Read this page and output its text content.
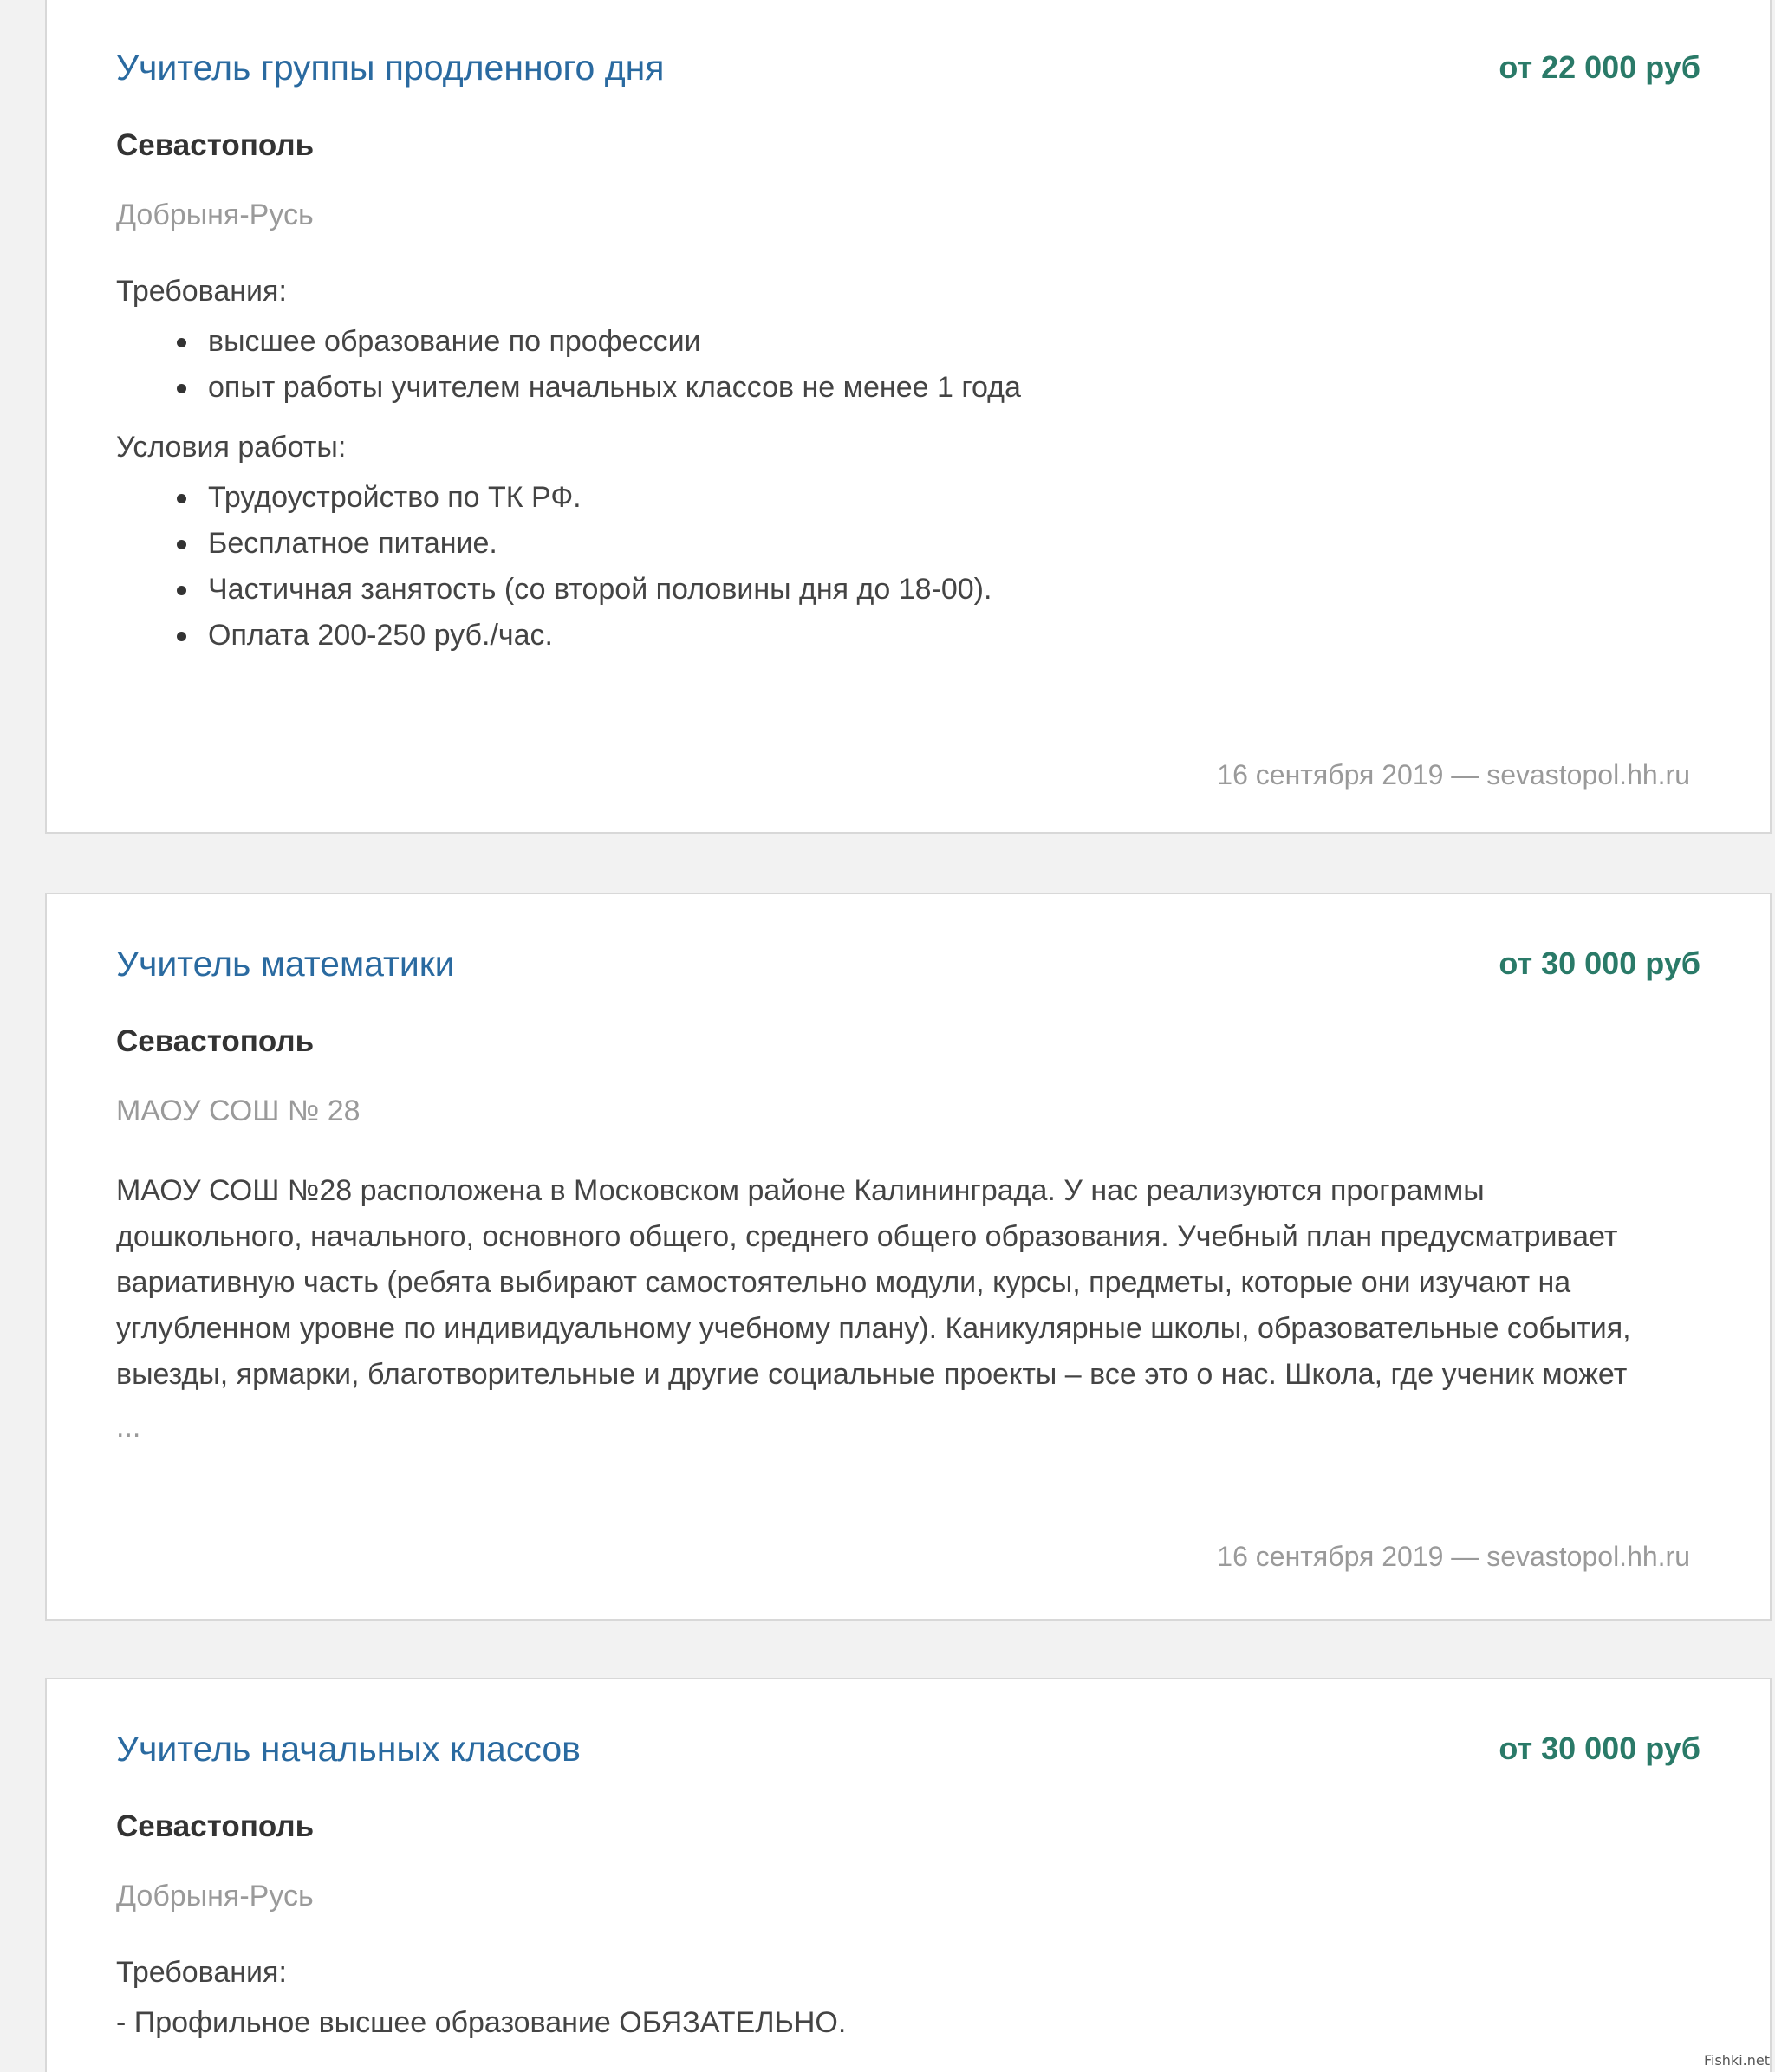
Учитель группы продленного дня	от 22 000 руб
Севастополь
Добрыня-Русь
Требования:
высшее образование по профессии
опыт работы учителем начальных классов не менее 1 года
Условия работы:
Трудоустройство по ТК РФ.
Бесплатное питание.
Частичная занятость (со второй половины дня до 18-00).
Оплата 200-250 руб./час.
16 сентября 2019 — sevastopol.hh.ru
Учитель математики	от 30 000 руб
Севастополь
МАОУ СОШ № 28
МАОУ СОШ №28 расположена в Московском районе Калининграда. У нас реализуются программы дошкольного, начального, основного общего, среднего общего образования. Учебный план предусматривает вариативную часть (ребята выбирают самостоятельно модули, курсы, предметы, которые они изучают на углубленном уровне по индивидуальному учебному плану). Каникулярные школы, образовательные события, выезды, ярмарки, благотворительные и другие социальные проекты – все это о нас. Школа, где ученик может
...
16 сентября 2019 — sevastopol.hh.ru
Учитель начальных классов	от 30 000 руб
Севастополь
Добрыня-Русь
Требования:
- Профильное высшее образование ОБЯЗАТЕЛЬНО.
Fishki.net
